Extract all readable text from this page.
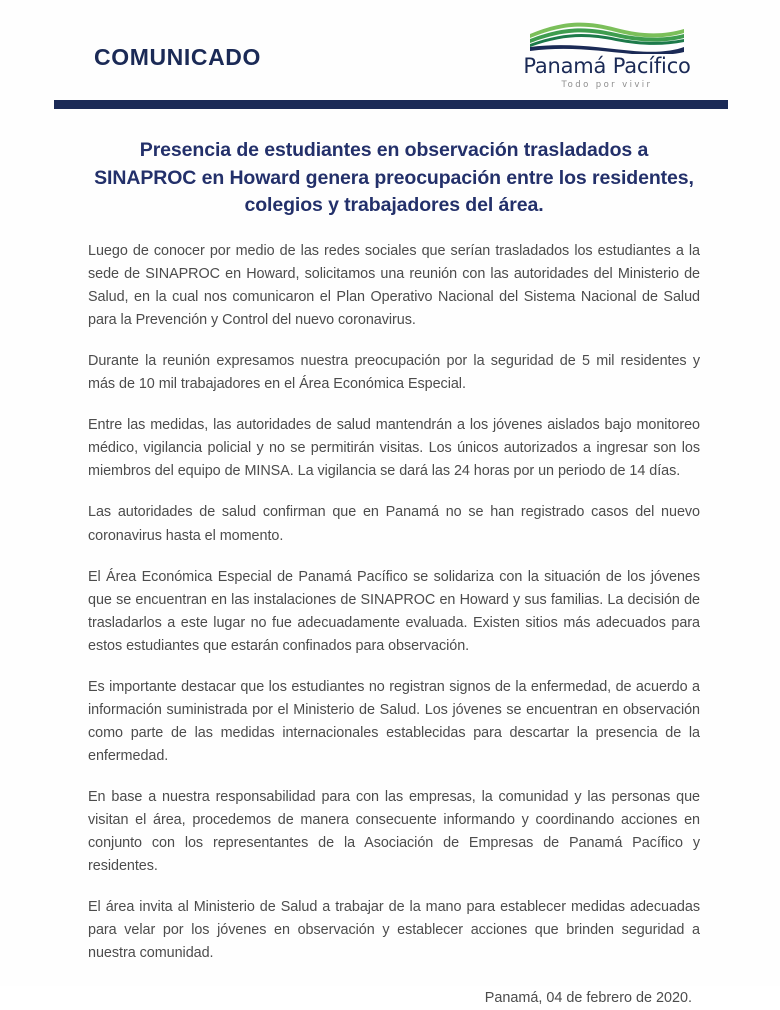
COMUNICADO	Panamá Pacífico
Todo por vivir
Presencia de estudiantes en observación trasladados a SINAPROC en Howard genera preocupación entre los residentes, colegios y trabajadores del área.

Luego de conocer por medio de las redes sociales que serían trasladados los estudiantes a la sede de SINAPROC en Howard, solicitamos una reunión con las autoridades del Ministerio de Salud, en la cual nos comunicaron el Plan Operativo Nacional del Sistema Nacional de Salud para la Prevención y Control del nuevo coronavirus.

Durante la reunión expresamos nuestra preocupación por la seguridad de 5 mil residentes y más de 10 mil trabajadores en el Área Económica Especial.

Entre las medidas, las autoridades de salud mantendrán a los jóvenes aislados bajo monitoreo médico, vigilancia policial y no se permitirán visitas. Los únicos autorizados a ingresar son los miembros del equipo de MINSA. La vigilancia se dará las 24 horas por un periodo de 14 días.

Las autoridades de salud confirman que en Panamá no se han registrado casos del nuevo coronavirus hasta el momento.

El Área Económica Especial de Panamá Pacífico se solidariza con la situación de los jóvenes que se encuentran en las instalaciones de SINAPROC en Howard y sus familias. La decisión de trasladarlos a este lugar no fue adecuadamente evaluada. Existen sitios más adecuados para estos estudiantes que estarán confinados para observación.

Es importante destacar que los estudiantes no registran signos de la enfermedad, de acuerdo a información suministrada por el Ministerio de Salud. Los jóvenes se encuentran en observación como parte de las medidas internacionales establecidas para descartar la presencia de la enfermedad.

En base a nuestra responsabilidad para con las empresas, la comunidad y las personas que visitan el área, procedemos de manera consecuente informando y coordinando acciones en conjunto con los representantes de la Asociación de Empresas de Panamá Pacífico y residentes.

El área invita al Ministerio de Salud a trabajar de la mano para establecer medidas adecuadas para velar por los jóvenes en observación y establecer acciones que brinden seguridad a nuestra comunidad.

Panamá, 04 de febrero de 2020.
